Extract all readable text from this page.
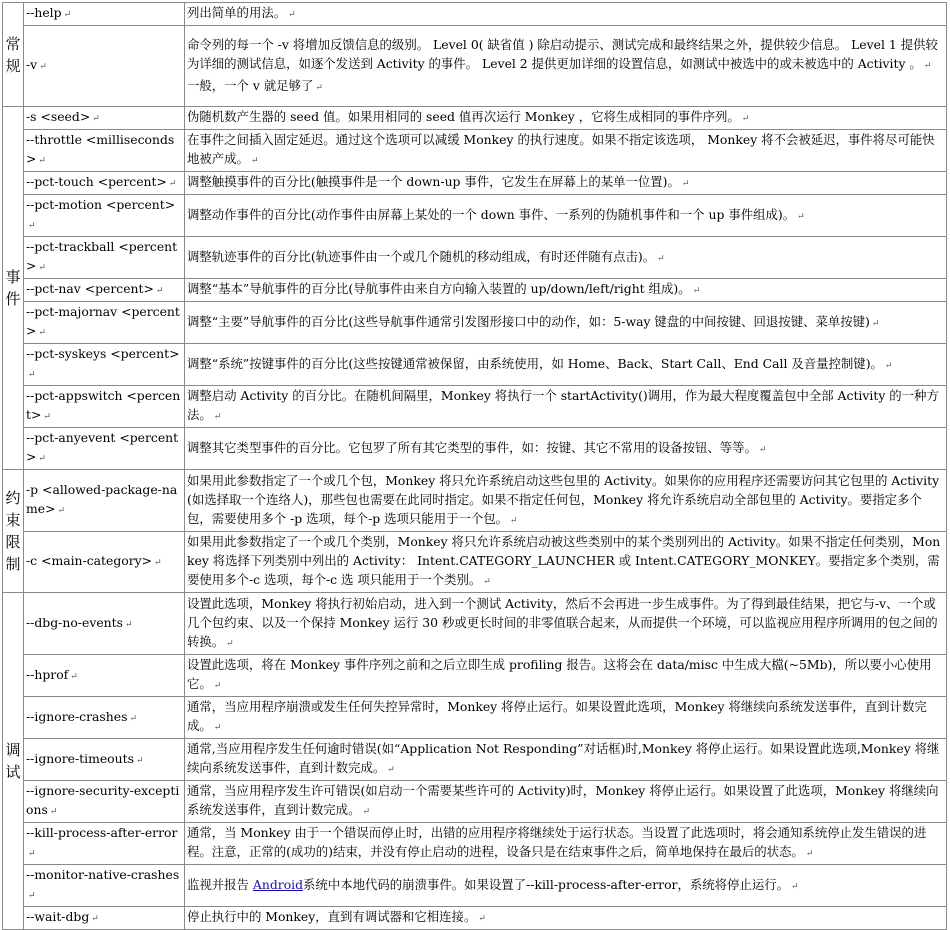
常规	--help ↵	列出简单的用法。 ↵
	-v ↵	命令列的每一个 -v 将增加反馈信息的级别。 Level 0( 缺省值 ) 除启动提示、测试完成和最终结果之外，提供较少信息。 Level 1 提供较为详细的测试信息，如逐个发送到 Activity 的事件。 Level 2 提供更加详细的设置信息，如测试中被选中的或未被选中的 Activity 。 ↵
一般，一个 v 就足够了 ↵
事件	-s <seed> ↵	伪随机数产生器的 seed 值。如果用相同的 seed 值再次运行 Monkey ，它将生成相同的事件序列。 ↵
	--throttle <milliseconds> ↵	在事件之间插入固定延迟。通过这个选项可以减缓 Monkey 的执行速度。如果不指定该选项， Monkey 将不会被延迟，事件将尽可能快地被产成。 ↵
	--pct-touch <percent> ↵	调整触摸事件的百分比(触摸事件是一个 down-up 事件，它发生在屏幕上的某单一位置)。 ↵
	--pct-motion <percent>↵	调整动作事件的百分比(动作事件由屏幕上某处的一个 down 事件、一系列的伪随机事件和一个 up 事件组成)。 ↵
	--pct-trackball <percent> ↵	调整轨迹事件的百分比(轨迹事件由一个或几个随机的移动组成，有时还伴随有点击)。 ↵
	--pct-nav <percent> ↵	调整“基本”导航事件的百分比(导航事件由来自方向输入装置的 up/down/left/right 组成)。 ↵
	--pct-majornav <percent> ↵	调整“主要”导航事件的百分比(这些导航事件通常引发图形接口中的动作，如：5-way 键盘的中间按键、回退按键、菜单按键) ↵
	--pct-syskeys <percent>↵	调整“系统”按键事件的百分比(这些按键通常被保留，由系统使用，如 Home、Back、Start Call、End Call 及音量控制键)。 ↵
	--pct-appswitch <percent> ↵	调整启动 Activity 的百分比。在随机间隔里，Monkey 将执行一个 startActivity()调用，作为最大程度覆盖包中全部 Activity 的一种方法。 ↵
	--pct-anyevent <percent> ↵	调整其它类型事件的百分比。它包罗了所有其它类型的事件，如：按键、其它不常用的设备按钮、等等。 ↵
约束限制	-p <allowed-package-name> ↵	如果用此参数指定了一个或几个包，Monkey 将只允许系统启动这些包里的 Activity。如果你的应用程序还需要访问其它包里的 Activity(如选择取一个连络人)，那些包也需要在此同时指定。如果不指定任何包，Monkey 将允许系统启动全部包里的 Activity。要指定多个包，需要使用多个 -p 选项，每个-p 选项只能用于一个包。 ↵
	-c <main-category> ↵	如果用此参数指定了一个或几个类别，Monkey 将只允许系统启动被这些类别中的某个类别列出的 Activity。如果不指定任何类别，Monkey 将选择下列类别中列出的 Activity： Intent.CATEGORY_LAUNCHER 或 Intent.CATEGORY_MONKEY。要指定多个类别，需要使用多个-c 选项，每个-c 选 项只能用于一个类别。 ↵
调试	--dbg-no-events ↵	设置此选项，Monkey 将执行初始启动，进入到一个测试 Activity，然后不会再进一步生成事件。为了得到最佳结果，把它与-v、一个或几个包约束、以及一个保持 Monkey 运行 30 秒或更长时间的非零值联合起来，从而提供一个环境，可以监视应用程序所调用的包之间的转换。 ↵
	--hprof ↵	设置此选项，将在 Monkey 事件序列之前和之后立即生成 profiling 报告。这将会在 data/misc 中生成大檔(~5Mb)，所以要小心使用它。 ↵
	--ignore-crashes ↵	通常，当应用程序崩溃或发生任何失控异常时，Monkey 将停止运行。如果设置此选项，Monkey 将继续向系统发送事件，直到计数完成。 ↵
	--ignore-timeouts ↵	通常,当应用程序发生任何逾时错误(如“Application Not Responding”对话框)时,Monkey 将停止运行。如果设置此选项,Monkey 将继续向系统发送事件，直到计数完成。 ↵
	--ignore-security-exceptions ↵	通常，当应用程序发生许可错误(如启动一个需要某些许可的 Activity)时，Monkey 将停止运行。如果设置了此选项，Monkey 将继续向系统发送事件，直到计数完成。 ↵
	--kill-process-after-error↵	通常，当 Monkey 由于一个错误而停止时，出错的应用程序将继续处于运行状态。当设置了此选项时，将会通知系统停止发生错误的进程。注意，正常的(成功的)结束，并没有停止启动的进程，设备只是在结束事件之后，简单地保持在最后的状态。 ↵
	--monitor-native-crashes↵	监视并报告 Android系统中本地代码的崩溃事件。如果设置了--kill-process-after-error，系统将停止运行。 ↵
	--wait-dbg ↵	停止执行中的 Monkey，直到有调试器和它相连接。 ↵
